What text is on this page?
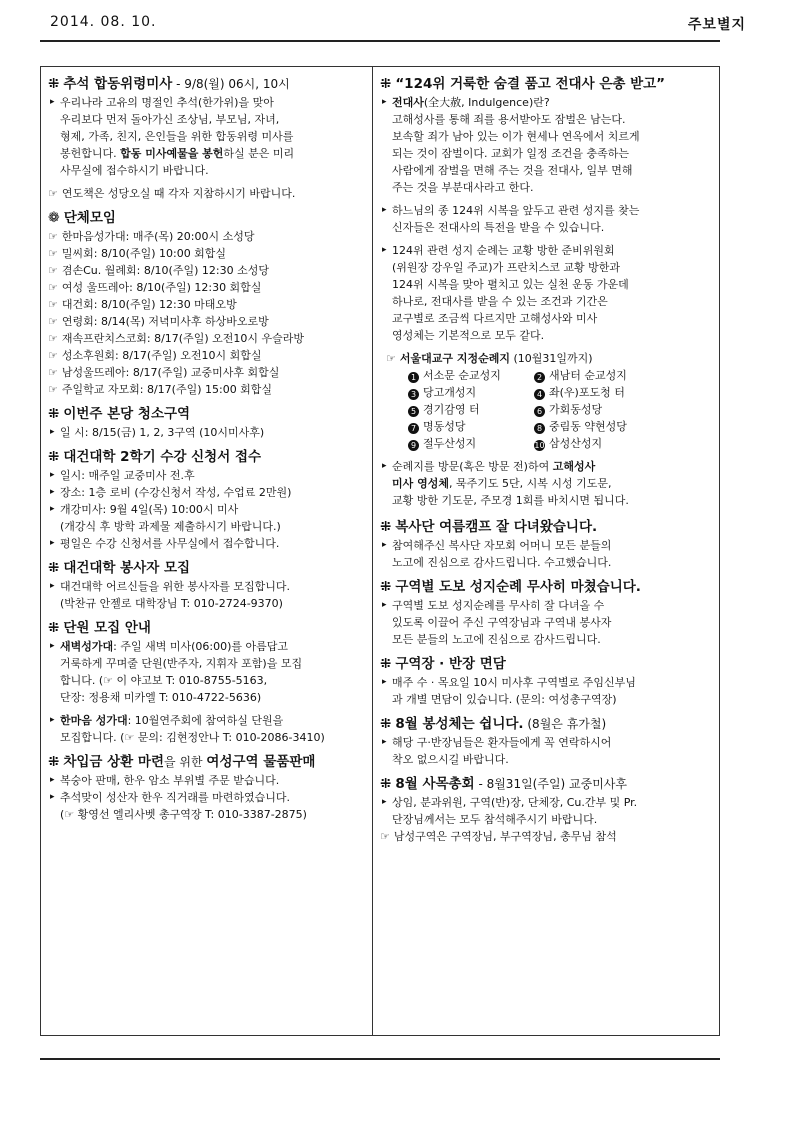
2014. 08. 10.	주보별지
⁜ 추석 합동위령미사 - 9/8(월) 06시, 10시
▸ 우리나라 고유의 명절인 추석(한가위)을 맞아
우리보다 먼저 돌아가신 조상님, 부모님, 자녀,
형제, 가족, 친지, 은인들을 위한 합동위령 미사를
봉헌합니다. 합동 미사예물을 봉헌하실 분은 미리
사무실에 접수하시기 바랍니다.
☞ 연도책은 성당오실 때 각자 지참하시기 바랍니다.
❁ 단체모임
☞ 한마음성가대: 매주(목) 20:00시 소성당
☞ 밀씨회: 8/10(주일) 10:00 회합실
☞ 겸손Cu. 월례회: 8/10(주일) 12:30 소성당
☞ 여성 울뜨레아: 8/10(주일) 12:30 회합실
☞ 대건회: 8/10(주일) 12:30 마태오방
☞ 연령회: 8/14(목) 저녁미사후 하상바오로방
☞ 재속프란치스코회: 8/17(주일) 오전10시 우슬라방
☞ 성소후원회: 8/17(주일) 오전10시 회합실
☞ 남성울뜨레아: 8/17(주일) 교중미사후 회합실
☞ 주일학교 자모회: 8/17(주일) 15:00 회합실
⁜ 이번주 본당 청소구역
▸ 일 시: 8/15(금) 1, 2, 3구역 (10시미사후)
⁜ 대건대학 2학기 수강 신청서 접수
▸ 일시: 매주일 교중미사 전.후
▸ 장소: 1층 로비 (수강신청서 작성, 수업료 2만원)
▸ 개강미사: 9월 4일(목) 10:00시 미사
(개강식 후 방학 과제물 제출하시기 바랍니다.)
▸ 평일은 수강 신청서를 사무실에서 접수합니다.
⁜ 대건대학 봉사자 모집
▸ 대건대학 어르신들을 위한 봉사자를 모집합니다.
(박찬규 안젤로 대학장님 T: 010-2724-9370)
⁜ 단원 모집 안내
▸ 새벽성가대: 주일 새벽 미사(06:00)를 아름답고
거룩하게 꾸며줄 단원(반주자, 지휘자 포함)을 모집
합니다. (☞ 이 야고보 T: 010-8755-5163,
단장: 정용채 미카엘 T: 010-4722-5636)
▸ 한마음 성가대: 10월연주회에 참여하실 단원을
모집합니다. (☞ 문의: 김현정안나 T: 010-2086-3410)
⁜ 차입금 상환 마련을 위한 여성구역 물품판매
▸ 복숭아 판매, 한우 암소 부위별 주문 받습니다.
▸ 추석맞이 성산자 한우 직거래를 마련하였습니다.
(☞ 황영선 엘리사벳 총구역장 T: 010-3387-2875)
⁜ “124위 거룩한 숨결 품고 전대사 은총 받고”
▸ 전대사(全大赦, Indulgence)란?
고해성사를 통해 죄를 용서받아도 잠벌은 남는다.
보속할 죄가 남아 있는 이가 현세나 연옥에서 치르게
되는 것이 잠벌이다. 교회가 일정 조건을 충족하는
사람에게 잠벌을 면해 주는 것을 전대사, 일부 면해
주는 것을 부분대사라고 한다.
▸ 하느님의 종 124위 시복을 앞두고 관련 성지를 찾는
신자들은 전대사의 특전을 받을 수 있습니다.
▸ 124위 관련 성지 순례는 교황 방한 준비위원회
(위원장 강우일 주교)가 프란치스코 교황 방한과
124위 시복을 맞아 펼치고 있는 실천 운동 가운데
하나로, 전대사를 받을 수 있는 조건과 기간은
교구별로 조금씩 다르지만 고해성사와 미사
영성체는 기본적으로 모두 같다.
☞ 서울대교구 지정순례지 (10월31일까지)
1 서소문 순교성지	2 새남터 순교성지
3 당고개성지	4 좌(우)포도청 터
5 경기감영 터	6 가회동성당
7 명동성당	8 중림동 약현성당
9 절두산성지	10 삼성산성지
▸ 순례지를 방문(혹은 방문 전)하여 고해성사
미사 영성체, 묵주기도 5단, 시복 시성 기도문,
교황 방한 기도문, 주모경 1회를 바치시면 됩니다.
⁜ 복사단 여름캠프 잘 다녀왔습니다.
▸ 참여해주신 복사단 자모회 어머니 모든 분들의
노고에 진심으로 감사드립니다. 수고했습니다.
⁜ 구역별 도보 성지순례 무사히 마쳤습니다.
▸ 구역별 도보 성지순례를 무사히 잘 다녀올 수
있도록 이끌어 주신 구역장님과 구역내 봉사자
모든 분들의 노고에 진심으로 감사드립니다.
⁜ 구역장 · 반장 면담
▸ 매주 수 · 목요일 10시 미사후 구역별로 주임신부님
과 개별 면담이 있습니다. (문의: 여성총구역장)
⁜ 8월 봉성체는 쉽니다. (8월은 휴가철)
▸ 해당 구·반장님들은 환자들에게 꼭 연락하시어
착오 없으시길 바랍니다.
⁜ 8월 사목총회 - 8월31일(주일) 교중미사후
▸ 상임, 분과위원, 구역(반)장, 단체장, Cu.간부 및 Pr.
단장님께서는 모두 참석해주시기 바랍니다.
☞ 남성구역은 구역장님, 부구역장님, 총무님 참석
